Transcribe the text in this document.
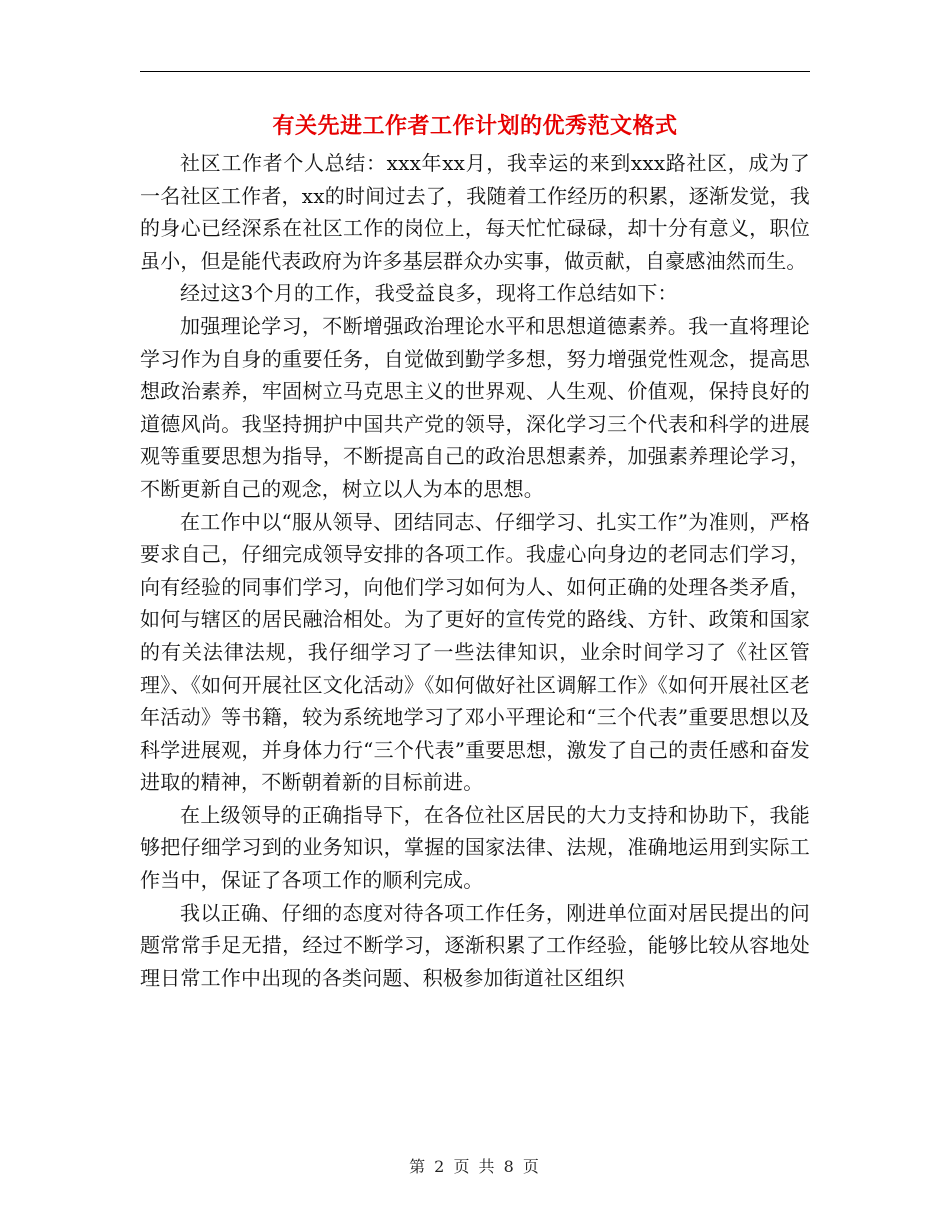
有关先进工作者工作计划的优秀范文格式

社区工作者个人总结：xxx年xx月，我幸运的来到xxx路社区，成为了一名社区工作者，xx的时间过去了，我随着工作经历的积累，逐渐发觉，我的身心已经深系在社区工作的岗位上，每天忙忙碌碌，却十分有意义，职位虽小，但是能代表政府为许多基层群众办实事，做贡献，自豪感油然而生。

经过这3个月的工作，我受益良多，现将工作总结如下：

加强理论学习，不断增强政治理论水平和思想道德素养。我一直将理论学习作为自身的重要任务，自觉做到勤学多想，努力增强党性观念，提高思想政治素养，牢固树立马克思主义的世界观、人生观、价值观，保持良好的道德风尚。我坚持拥护中国共产党的领导，深化学习三个代表和科学的进展观等重要思想为指导，不断提高自己的政治思想素养，加强素养理论学习，不断更新自己的观念，树立以人为本的思想。

在工作中以“服从领导、团结同志、仔细学习、扎实工作”为准则，严格要求自己，仔细完成领导安排的各项工作。我虚心向身边的老同志们学习，向有经验的同事们学习，向他们学习如何为人、如何正确的处理各类矛盾，如何与辖区的居民融洽相处。为了更好的宣传党的路线、方针、政策和国家的有关法律法规，我仔细学习了一些法律知识，业余时间学习了《社区管理》、《如何开展社区文化活动》《如何做好社区调解工作》《如何开展社区老年活动》等书籍，较为系统地学习了邓小平理论和“三个代表”重要思想以及科学进展观，并身体力行“三个代表”重要思想，激发了自己的责任感和奋发进取的精神，不断朝着新的目标前进。

在上级领导的正确指导下，在各位社区居民的大力支持和协助下，我能够把仔细学习到的业务知识，掌握的国家法律、法规，准确地运用到实际工作当中，保证了各项工作的顺利完成。

我以正确、仔细的态度对待各项工作任务，刚进单位面对居民提出的问题常常手足无措，经过不断学习，逐渐积累了工作经验，能够比较从容地处理日常工作中出现的各类问题、积极参加街道社区组织

第 2 页 共 8 页
